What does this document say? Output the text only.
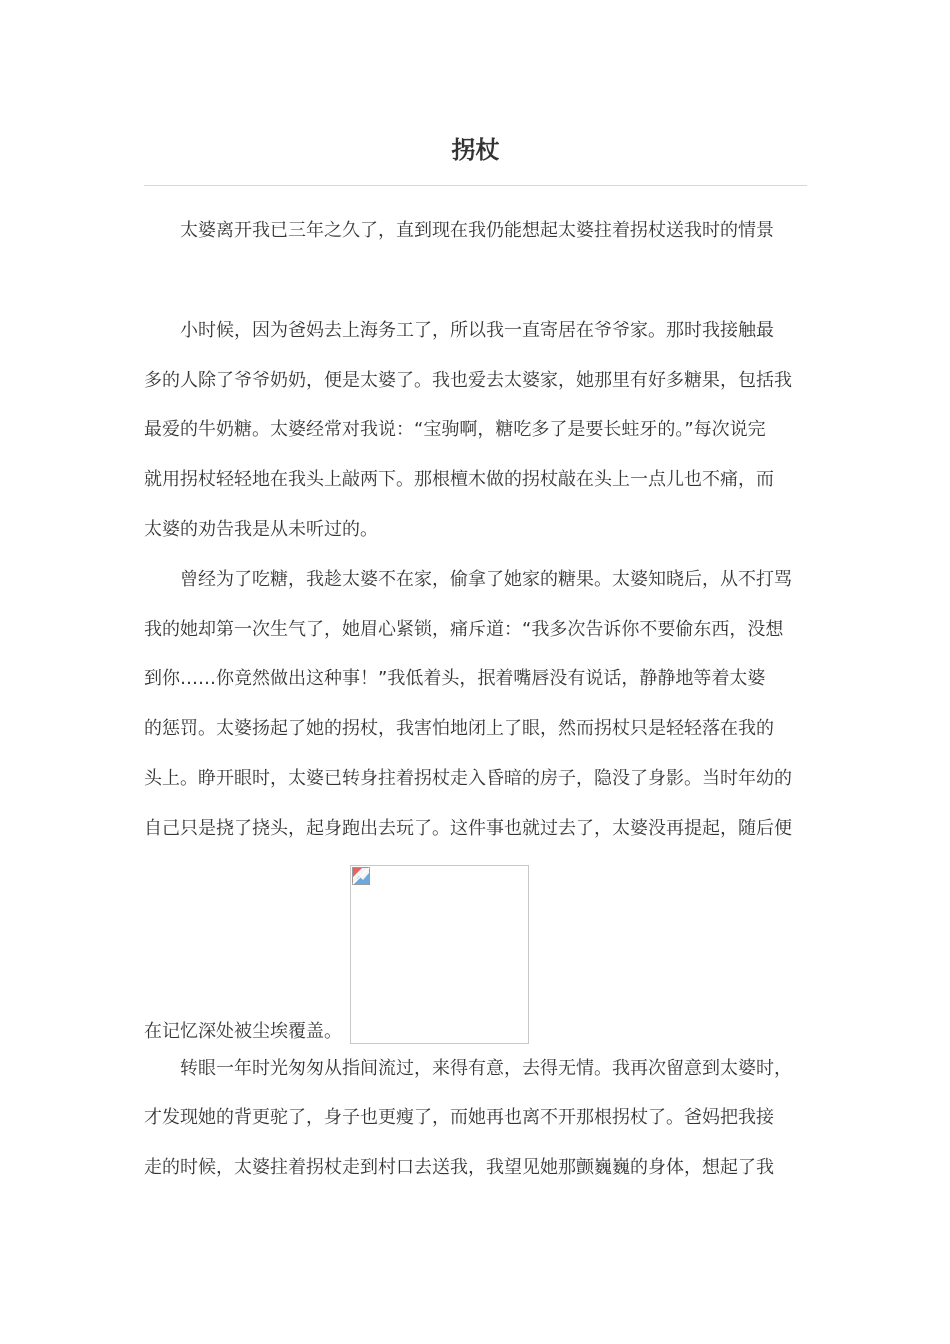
拐杖

太婆离开我已三年之久了，直到现在我仍能想起太婆拄着拐杖送我时的情景

小时候，因为爸妈去上海务工了，所以我一直寄居在爷爷家。那时我接触最
多的人除了爷爷奶奶，便是太婆了。我也爱去太婆家，她那里有好多糖果，包括我
最爱的牛奶糖。太婆经常对我说：“宝驹啊，糖吃多了是要长蛀牙的。”每次说完
就用拐杖轻轻地在我头上敲两下。那根檀木做的拐杖敲在头上一点儿也不痛，而
太婆的劝告我是从未听过的。

曾经为了吃糖，我趁太婆不在家，偷拿了她家的糖果。太婆知晓后，从不打骂
我的她却第一次生气了，她眉心紧锁，痛斥道：“我多次告诉你不要偷东西，没想
到你……你竟然做出这种事！”我低着头，抿着嘴唇没有说话，静静地等着太婆
的惩罚。太婆扬起了她的拐杖，我害怕地闭上了眼，然而拐杖只是轻轻落在我的
头上。睁开眼时，太婆已转身拄着拐杖走入昏暗的房子，隐没了身影。当时年幼的
自己只是挠了挠头，起身跑出去玩了。这件事也就过去了，太婆没再提起，随后便

在记忆深处被尘埃覆盖。

转眼一年时光匆匆从指间流过，来得有意，去得无情。我再次留意到太婆时，
才发现她的背更驼了，身子也更瘦了，而她再也离不开那根拐杖了。爸妈把我接
走的时候，太婆拄着拐杖走到村口去送我，我望见她那颤巍巍的身体，想起了我
